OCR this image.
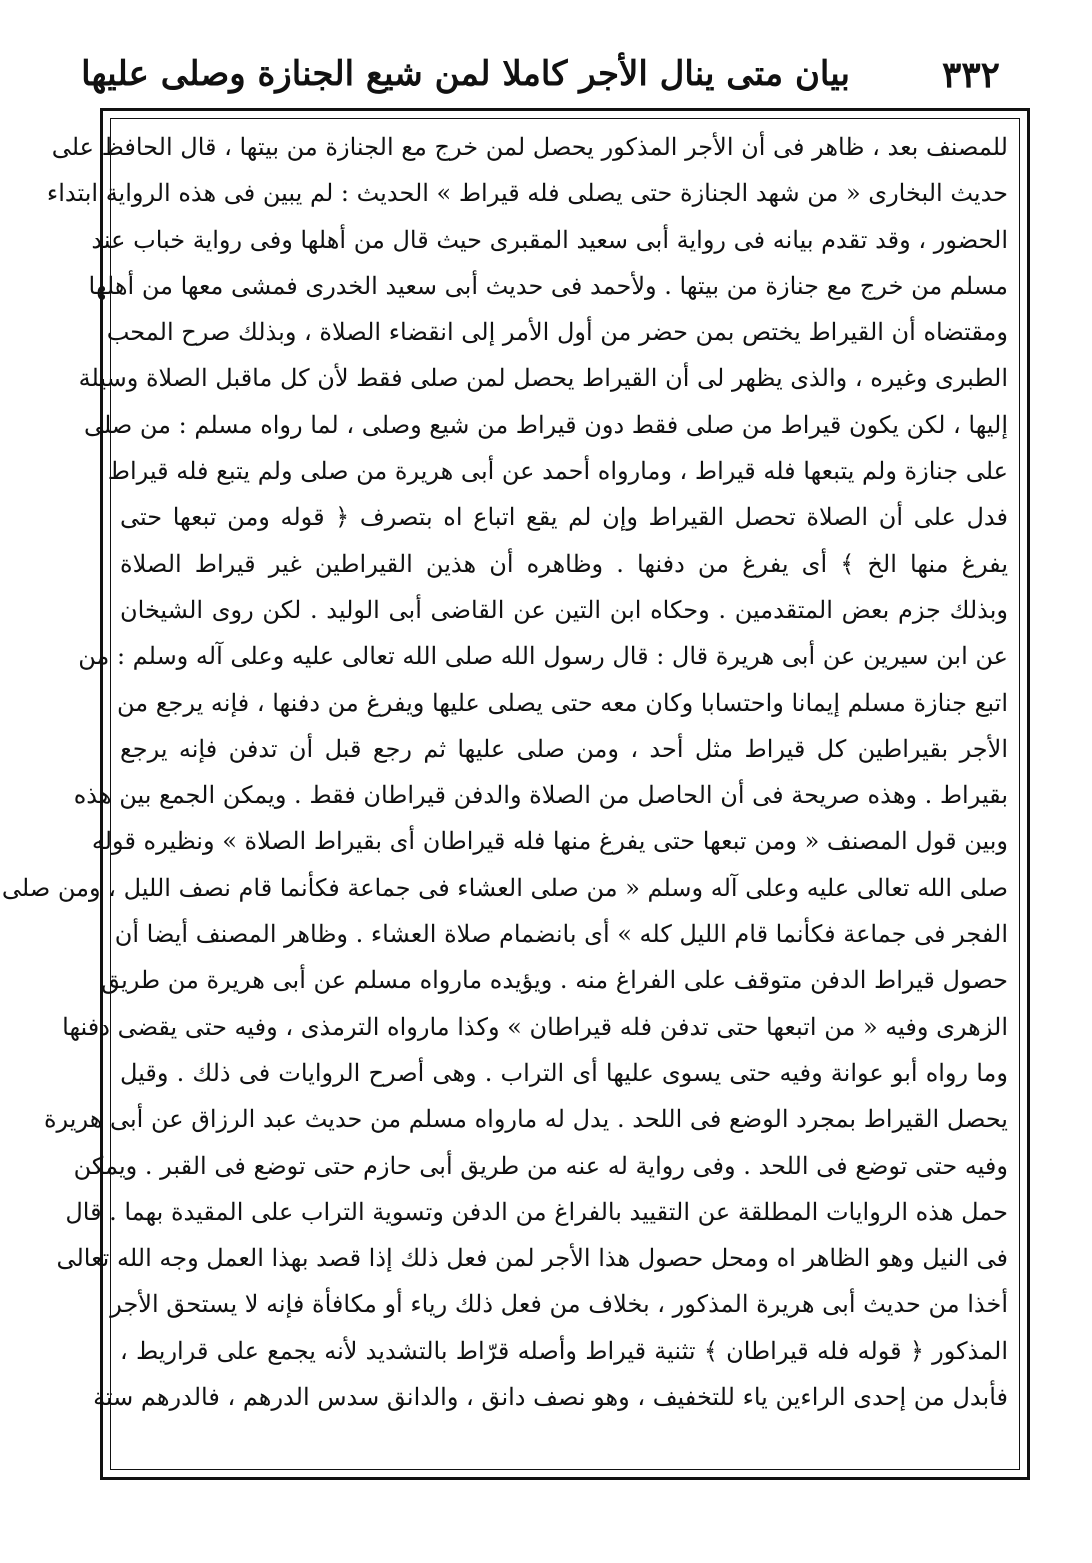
٣٣٢
بيان متى ينال الأجر كاملا لمن شيع الجنازة وصلى عليها
للمصنف بعد ، ظاهر فى أن الأجر المذكور يحصل لمن خرج مع الجنازة من بيتها ، قال الحافظ على
حديث البخارى « من شهد الجنازة حتى يصلى فله قيراط » الحديث : لم يبين فى هذه الرواية ابتداء
الحضور ، وقد تقدم بيانه فى رواية أبى سعيد المقبرى حيث قال من أهلها وفى رواية خباب عند
مسلم من خرج مع جنازة من بيتها . ولأحمد فى حديث أبى سعيد الخدرى فمشى معها من أهلها
ومقتضاه أن القيراط يختص بمن حضر من أول الأمر إلى انقضاء الصلاة ، وبذلك صرح المحب
الطبرى وغيره ، والذى يظهر لى أن القيراط يحصل لمن صلى فقط لأن كل ماقبل الصلاة وسيلة
إليها ، لكن يكون قيراط من صلى فقط دون قيراط من شيع وصلى ، لما رواه مسلم : من صلى
على جنازة ولم يتبعها فله قيراط ، ومارواه أحمد عن أبى هريرة من صلى ولم يتبع فله قيراط
فدل على أن الصلاة تحصل القيراط وإن لم يقع اتباع اه بتصرف ﴿ قوله ومن تبعها حتى
يفرغ منها الخ ﴾ أى يفرغ من دفنها . وظاهره أن هذين القيراطين غير قيراط الصلاة
وبذلك جزم بعض المتقدمين . وحكاه ابن التين عن القاضى أبى الوليد . لكن روى الشيخان
عن ابن سيرين عن أبى هريرة قال : قال رسول الله صلى الله تعالى عليه وعلى آله وسلم : من
اتبع جنازة مسلم إيمانا واحتسابا وكان معه حتى يصلى عليها ويفرغ من دفنها ، فإنه يرجع من
الأجر بقيراطين كل قيراط مثل أحد ، ومن صلى عليها ثم رجع قبل أن تدفن فإنه يرجع
بقيراط . وهذه صريحة فى أن الحاصل من الصلاة والدفن قيراطان فقط . ويمكن الجمع بين هذه
وبين قول المصنف « ومن تبعها حتى يفرغ منها فله قيراطان أى بقيراط الصلاة » ونظيره قوله
صلى الله تعالى عليه وعلى آله وسلم « من صلى العشاء فى جماعة فكأنما قام نصف الليل ، ومن صلى
الفجر فى جماعة فكأنما قام الليل كله » أى بانضمام صلاة العشاء . وظاهر المصنف أيضا أن
حصول قيراط الدفن متوقف على الفراغ منه . ويؤيده مارواه مسلم عن أبى هريرة من طريق
الزهرى وفيه « من اتبعها حتى تدفن فله قيراطان » وكذا مارواه الترمذى ، وفيه حتى يقضى دفنها
وما رواه أبو عوانة وفيه حتى يسوى عليها أى التراب . وهى أصرح الروايات فى ذلك . وقيل
يحصل القيراط بمجرد الوضع فى اللحد . يدل له مارواه مسلم من حديث عبد الرزاق عن أبى هريرة
وفيه حتى توضع فى اللحد . وفى رواية له عنه من طريق أبى حازم حتى توضع فى القبر . ويمكن
حمل هذه الروايات المطلقة عن التقييد بالفراغ من الدفن وتسوية التراب على المقيدة بهما . قال
فى النيل وهو الظاهر اه ومحل حصول هذا الأجر لمن فعل ذلك إذا قصد بهذا العمل وجه الله تعالى
أخذا من حديث أبى هريرة المذكور ، بخلاف من فعل ذلك رياء أو مكافأة فإنه لا يستحق الأجر
المذكور ﴿ قوله فله قيراطان ﴾ تثنية قيراط وأصله قرّاط بالتشديد لأنه يجمع على قراريط ،
فأبدل من إحدى الراءين ياء للتخفيف ، وهو نصف دانق ، والدانق سدس الدرهم ، فالدرهم ستة
